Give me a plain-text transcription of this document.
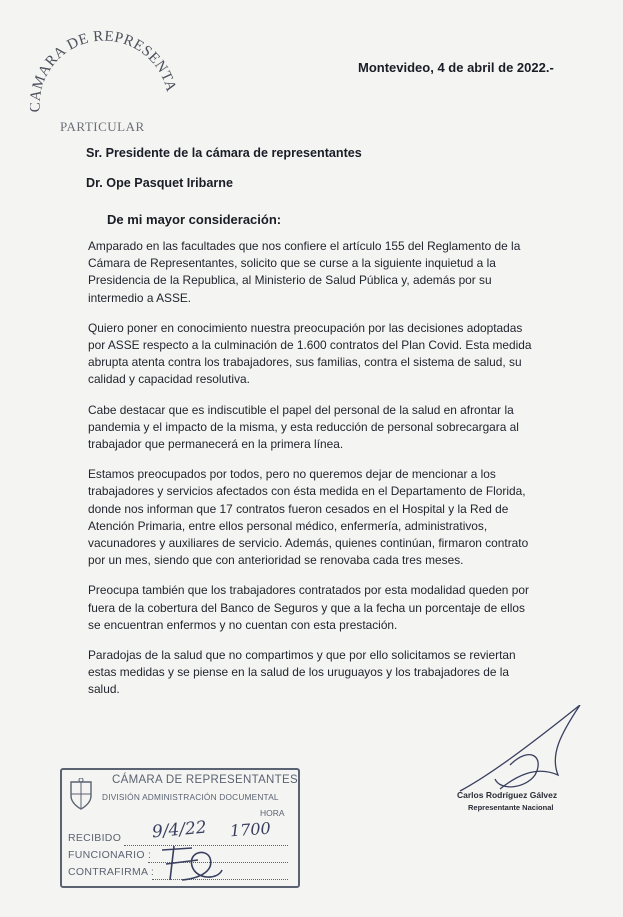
MARA DE REPRESENTA
PARTICULAR
Montevideo, 4 de abril de 2022.-
Sr. Presidente de la cámara de representantes
Dr. Ope Pasquet Iribarne
De mi mayor consideración:

Amparado en las facultades que nos confiere el artículo 155 del Reglamento de la Cámara de Representantes, solicito que se curse a la siguiente inquietud a la Presidencia de la Republica, al Ministerio de Salud Pública y, además por su intermedio a ASSE.

Quiero poner en conocimiento nuestra preocupación por las decisiones adoptadas por ASSE respecto a la culminación de 1.600 contratos del Plan Covid. Esta medida abrupta atenta contra los trabajadores, sus familias, contra el sistema de salud, su calidad y capacidad resolutiva.

Cabe destacar que es indiscutible el papel del personal de la salud en afrontar la pandemia y el impacto de la misma, y esta reducción de personal sobrecargara al trabajador que permanecerá en la primera línea.

Estamos preocupados por todos, pero no queremos dejar de mencionar a los trabajadores y servicios afectados con ésta medida en el Departamento de Florida, donde nos informan que 17 contratos fueron cesados en el Hospital y la Red de Atención Primaria, entre ellos personal médico, enfermería, administrativos, vacunadores y auxiliares de servicio. Además, quienes continúan, firmaron contrato por un mes, siendo que con anterioridad se renovaba cada tres meses.

Preocupa también que los trabajadores contratados por esta modalidad queden por fuera de la cobertura del Banco de Seguros y que a la fecha un porcentaje de ellos se encuentran enfermos y no cuentan con esta prestación.

Paradojas de la salud que no compartimos y que por ello solicitamos se reviertan estas medidas y se piense en la salud de los uruguayos y los trabajadores de la salud.

Carlos Rodríguez Gálvez
Representante Nacional
CÁMARA DE REPRESENTANTES
DIVISIÓN ADMINISTRACIÓN DOCUMENTAL
HORA
RECIBIDO
FUNCIONARIO :
CONTRAFIRMA :
9/4/22 1700
